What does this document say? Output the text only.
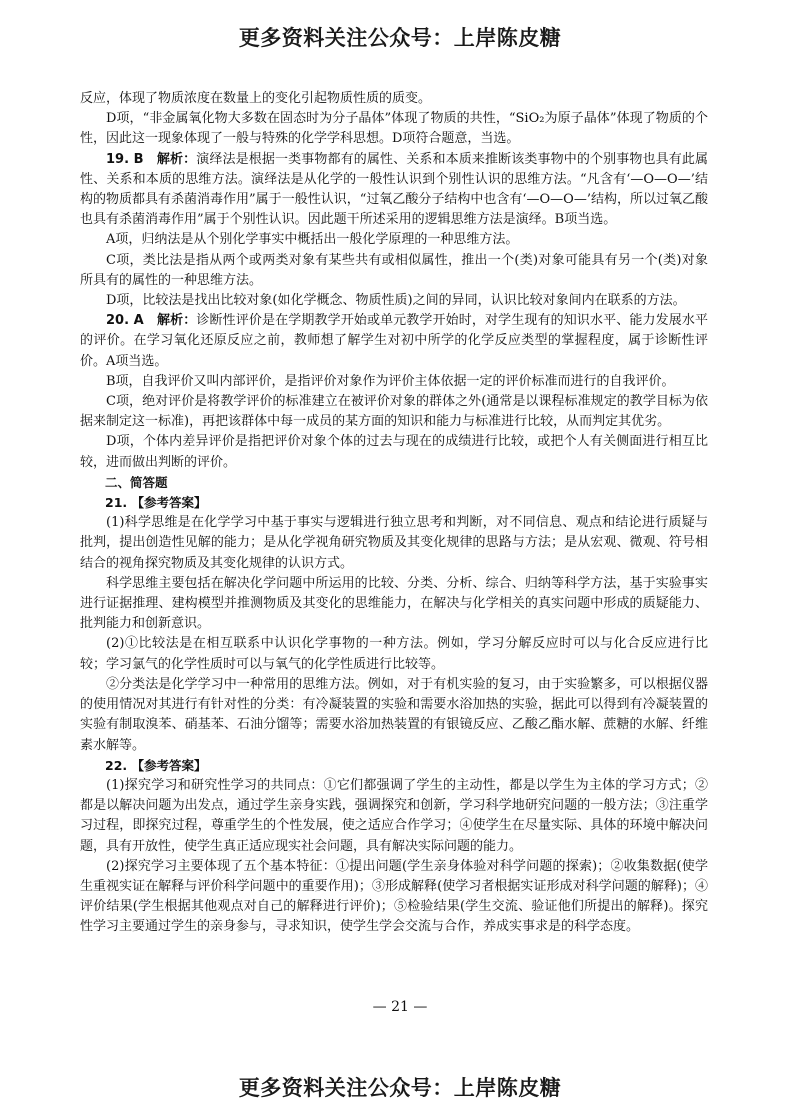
更多资料关注公众号：上岸陈皮糖

反应，体现了物质浓度在数量上的变化引起物质性质的质变。

D项，“非金属氧化物大多数在固态时为分子晶体”体现了物质的共性，“SiO₂为原子晶体”体现了物质的个性，因此这一现象体现了一般与特殊的化学学科思想。D项符合题意，当选。

19. B　解析：演绎法是根据一类事物都有的属性、关系和本质来推断该类事物中的个别事物也具有此属性、关系和本质的思维方法。演绎法是从化学的一般性认识到个别性认识的思维方法。“凡含有‘—O—O—’结构的物质都具有杀菌消毒作用”属于一般性认识，“过氧乙酸分子结构中也含有‘—O—O—’结构，所以过氧乙酸也具有杀菌消毒作用”属于个别性认识。因此题干所述采用的逻辑思维方法是演绎。B项当选。

A项，归纳法是从个别化学事实中概括出一般化学原理的一种思维方法。

C项，类比法是指从两个或两类对象有某些共有或相似属性，推出一个(类)对象可能具有另一个(类)对象所具有的属性的一种思维方法。

D项，比较法是找出比较对象(如化学概念、物质性质)之间的异同，认识比较对象间内在联系的方法。

20. A　解析：诊断性评价是在学期教学开始或单元教学开始时，对学生现有的知识水平、能力发展水平的评价。在学习氧化还原反应之前，教师想了解学生对初中所学的化学反应类型的掌握程度，属于诊断性评价。A项当选。

B项，自我评价又叫内部评价，是指评价对象作为评价主体依据一定的评价标准而进行的自我评价。

C项，绝对评价是将教学评价的标准建立在被评价对象的群体之外(通常是以课程标准规定的教学目标为依据来制定这一标准)，再把该群体中每一成员的某方面的知识和能力与标准进行比较，从而判定其优劣。

D项，个体内差异评价是指把评价对象个体的过去与现在的成绩进行比较，或把个人有关侧面进行相互比较，进而做出判断的评价。

二、简答题

21. 【参考答案】

(1)科学思维是在化学学习中基于事实与逻辑进行独立思考和判断，对不同信息、观点和结论进行质疑与批判，提出创造性见解的能力；是从化学视角研究物质及其变化规律的思路与方法；是从宏观、微观、符号相结合的视角探究物质及其变化规律的认识方式。

科学思维主要包括在解决化学问题中所运用的比较、分类、分析、综合、归纳等科学方法，基于实验事实进行证据推理、建构模型并推测物质及其变化的思维能力，在解决与化学相关的真实问题中形成的质疑能力、批判能力和创新意识。

(2)①比较法是在相互联系中认识化学事物的一种方法。例如，学习分解反应时可以与化合反应进行比较；学习氯气的化学性质时可以与氧气的化学性质进行比较等。

②分类法是化学学习中一种常用的思维方法。例如，对于有机实验的复习，由于实验繁多，可以根据仪器的使用情况对其进行有针对性的分类：有冷凝装置的实验和需要水浴加热的实验，据此可以得到有冷凝装置的实验有制取溴苯、硝基苯、石油分馏等；需要水浴加热装置的有银镜反应、乙酸乙酯水解、蔗糖的水解、纤维素水解等。

22. 【参考答案】

(1)探究学习和研究性学习的共同点：①它们都强调了学生的主动性，都是以学生为主体的学习方式；②都是以解决问题为出发点，通过学生亲身实践，强调探究和创新，学习科学地研究问题的一般方法；③注重学习过程，即探究过程，尊重学生的个性发展，使之适应合作学习；④使学生在尽量实际、具体的环境中解决问题，具有开放性，使学生真正适应现实社会问题，具有解决实际问题的能力。

(2)探究学习主要体现了五个基本特征：①提出问题(学生亲身体验对科学问题的探索)；②收集数据(使学生重视实证在解释与评价科学问题中的重要作用)；③形成解释(使学习者根据实证形成对科学问题的解释)；④评价结果(学生根据其他观点对自己的解释进行评价)；⑤检验结果(学生交流、验证他们所提出的解释)。探究性学习主要通过学生的亲身参与，寻求知识，使学生学会交流与合作，养成实事求是的科学态度。

— 21 —
更多资料关注公众号：上岸陈皮糖
